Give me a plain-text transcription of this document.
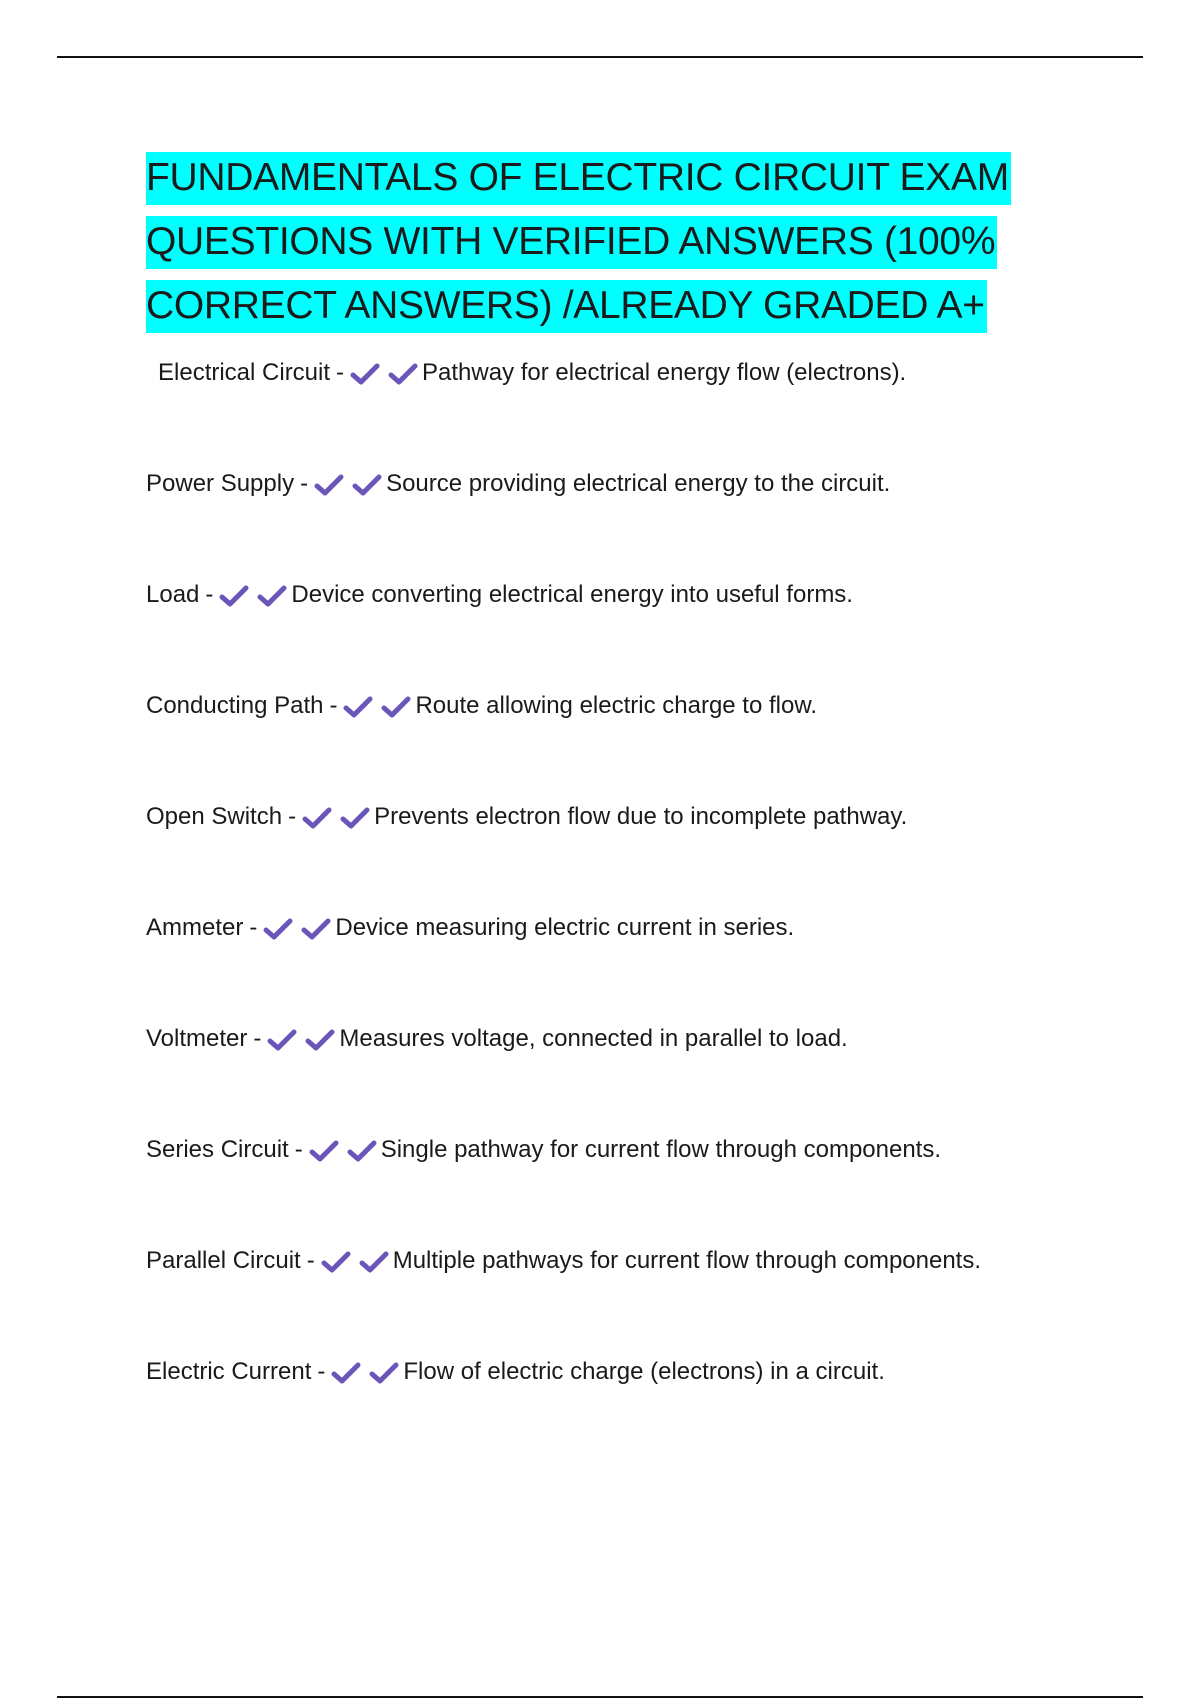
FUNDAMENTALS OF ELECTRIC CIRCUIT EXAM
QUESTIONS WITH VERIFIED ANSWERS (100%
CORRECT ANSWERS) /ALREADY GRADED A+
Electrical Circuit -	Pathway for electrical energy flow (electrons).
Power Supply -	Source providing electrical energy to the circuit.
Load -	Device converting electrical energy into useful forms.
Conducting Path -	Route allowing electric charge to flow.
Open Switch -	Prevents electron flow due to incomplete pathway.
Ammeter -	Device measuring electric current in series.
Voltmeter -	Measures voltage, connected in parallel to load.
Series Circuit -	Single pathway for current flow through components.
Parallel Circuit -	Multiple pathways for current flow through components.
Electric Current -	Flow of electric charge (electrons) in a circuit.
